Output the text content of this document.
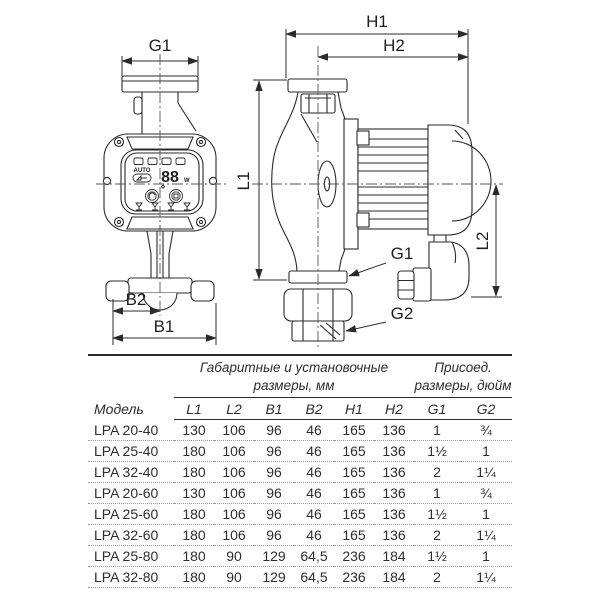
AUTO 88 W
G1
H1
H2
L1
L2
B2
B1
G1
G2
Модель	Габаритные и установочные размеры, мм						Присоед. размеры, дюйм	
	L1	L2	B1	B2	H1	H2	G1	G2
LPA 20-40	130	106	96	46	165	136	1	¾
LPA 25-40	180	106	96	46	165	136	1½	1
LPA 32-40	180	106	96	46	165	136	2	1¼
LPA 20-60	130	106	96	46	165	136	1	¾
LPA 25-60	180	106	96	46	165	136	1½	1
LPA 32-60	180	106	96	46	165	136	2	1¼
LPA 25-80	180	90	129	64,5	236	184	1½	1
LPA 32-80	180	90	129	64,5	236	184	2	1¼
